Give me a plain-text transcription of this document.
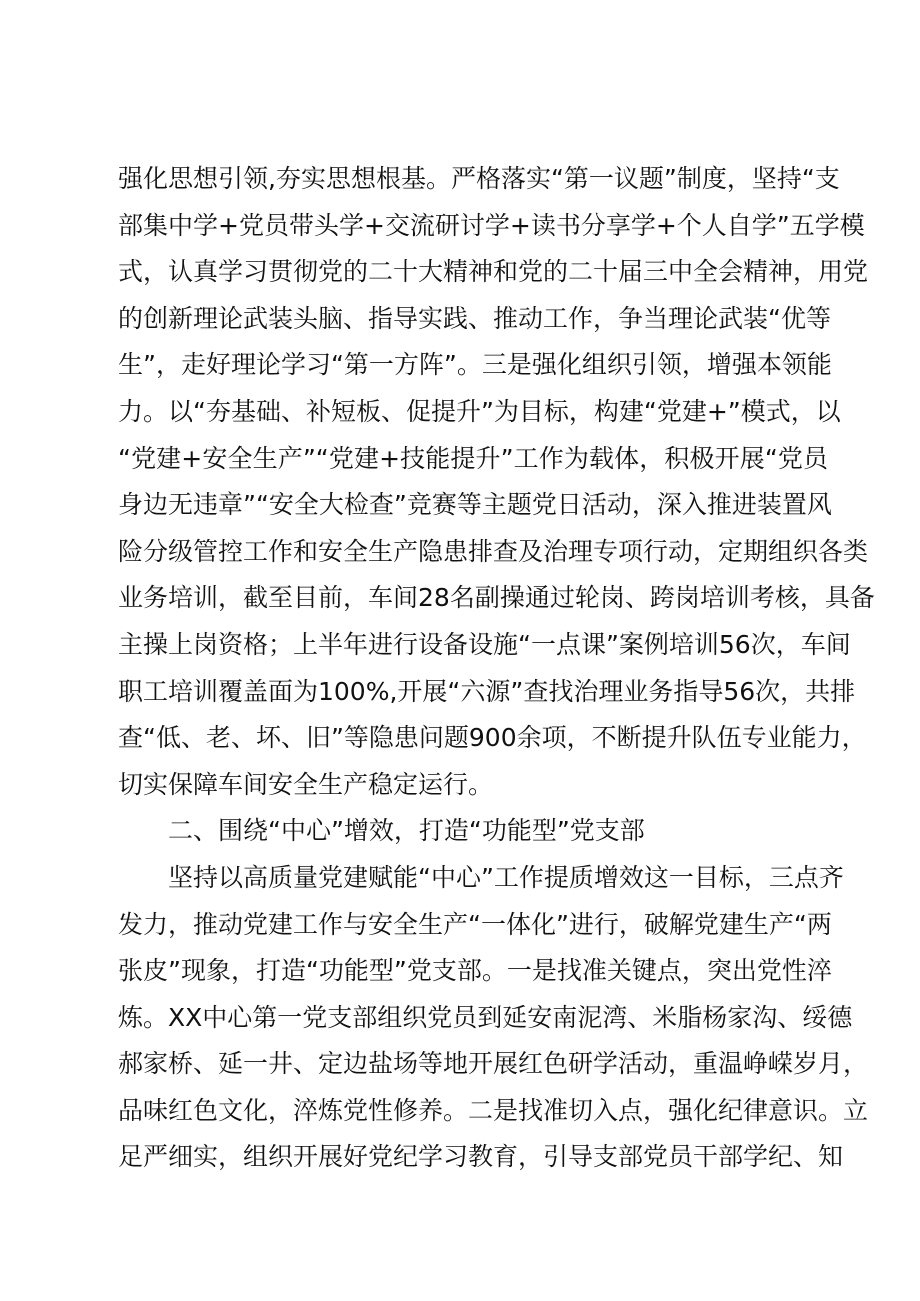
强化思想引领,夯实思想根基。严格落实“第一议题”制度，坚持“支
部集中学+党员带头学+交流研讨学+读书分享学+个人自学”五学模
式，认真学习贯彻党的二十大精神和党的二十届三中全会精神，用党
的创新理论武装头脑、指导实践、推动工作，争当理论武装“优等
生”，走好理论学习“第一方阵”。三是强化组织引领，增强本领能
力。以“夯基础、补短板、促提升”为目标，构建“党建+”模式，以
“党建+安全生产”“党建+技能提升”工作为载体，积极开展“党员
身边无违章”“安全大检查”竞赛等主题党日活动，深入推进装置风
险分级管控工作和安全生产隐患排查及治理专项行动，定期组织各类
业务培训，截至目前，车间28名副操通过轮岗、跨岗培训考核，具备
主操上岗资格；上半年进行设备设施“一点课”案例培训56次，车间
职工培训覆盖面为100%,开展“六源”查找治理业务指导56次，共排
查“低、老、坏、旧”等隐患问题900余项，不断提升队伍专业能力，
切实保障车间安全生产稳定运行。
二、围绕“中心”增效，打造“功能型”党支部
坚持以高质量党建赋能“中心”工作提质增效这一目标，三点齐
发力，推动党建工作与安全生产“一体化”进行，破解党建生产“两
张皮”现象，打造“功能型”党支部。一是找准关键点，突出党性淬
炼。XX中心第一党支部组织党员到延安南泥湾、米脂杨家沟、绥德
郝家桥、延一井、定边盐场等地开展红色研学活动，重温峥嵘岁月，
品味红色文化，淬炼党性修养。二是找准切入点，强化纪律意识。立
足严细实，组织开展好党纪学习教育，引导支部党员干部学纪、知
